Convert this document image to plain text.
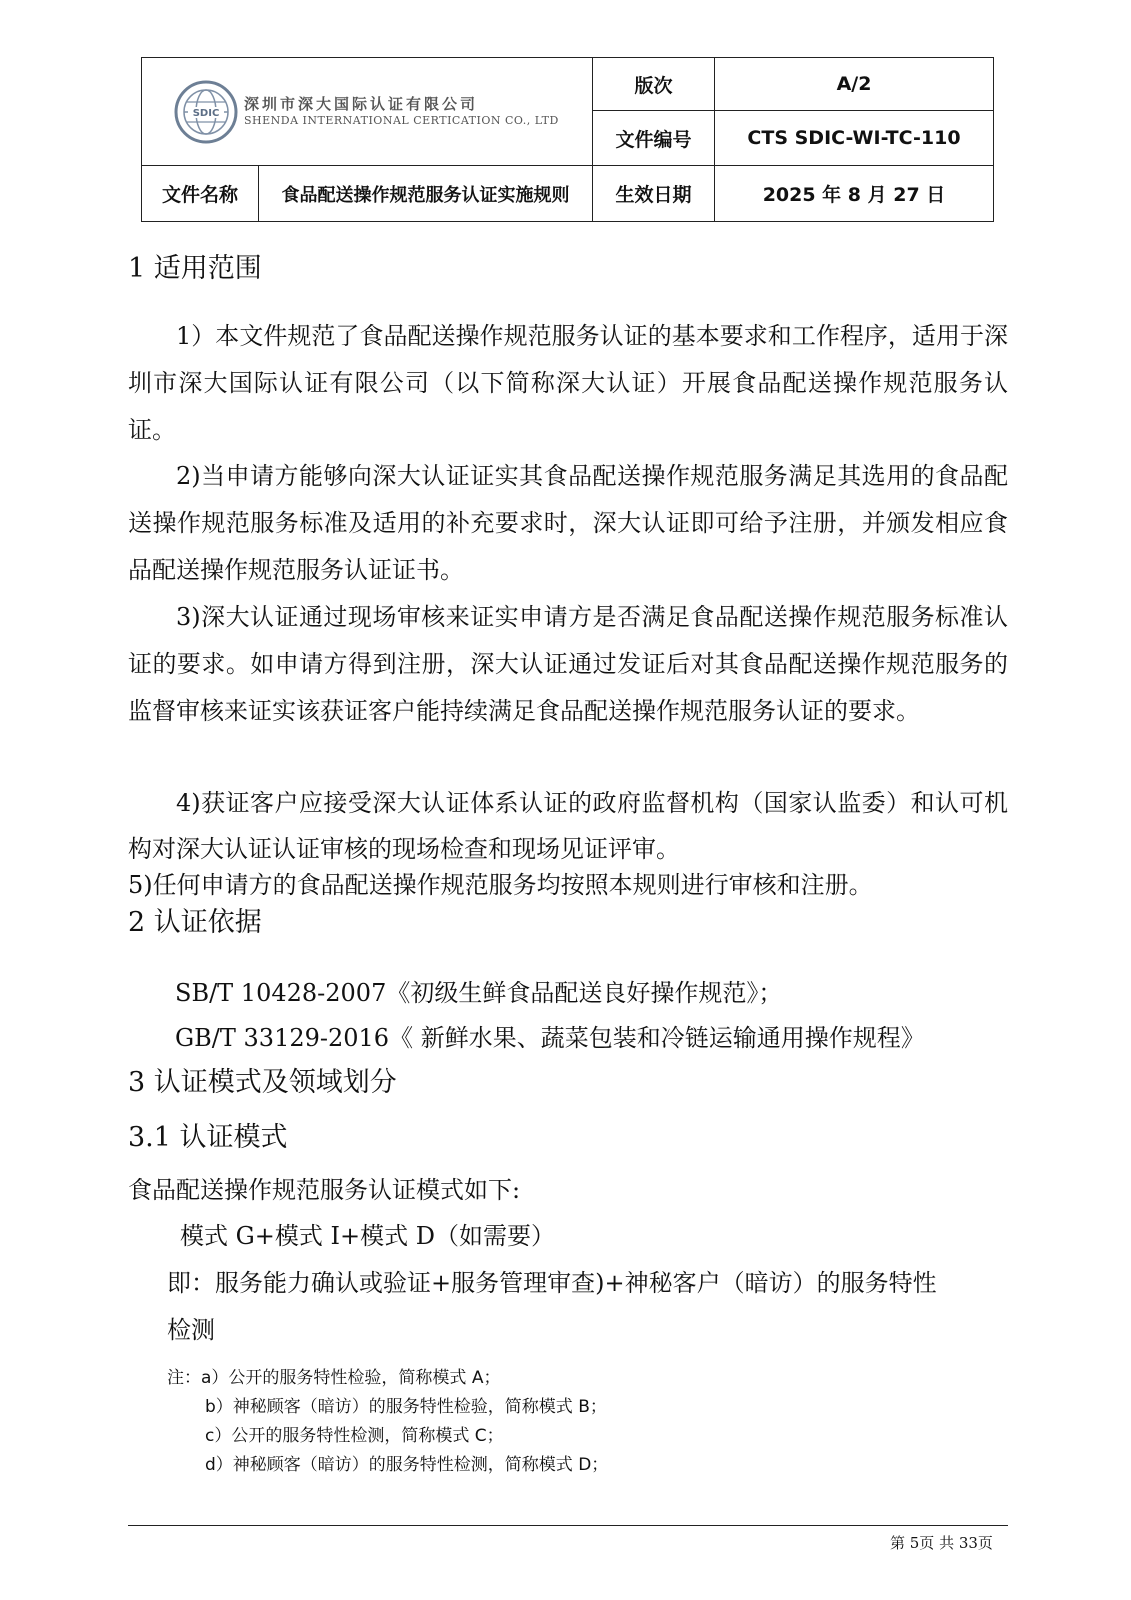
SDIC
深圳市深大国际认证有限公司
SHENDA INTERNATIONAL CERTICATION CO., LTD		版次	A/2
		文件编号	CTS SDIC-WI-TC-110
文件名称	食品配送操作规范服务认证实施规则	生效日期	2025 年 8 月 27 日
1 适用范围
1）本文件规范了食品配送操作规范服务认证的基本要求和工作程序，适用于深圳市深大国际认证有限公司（以下简称深大认证）开展食品配送操作规范服务认证。
2)当申请方能够向深大认证证实其食品配送操作规范服务满足其选用的食品配送操作规范服务标准及适用的补充要求时，深大认证即可给予注册，并颁发相应食品配送操作规范服务认证证书。
3)深大认证通过现场审核来证实申请方是否满足食品配送操作规范服务标准认证的要求。如申请方得到注册，深大认证通过发证后对其食品配送操作规范服务的监督审核来证实该获证客户能持续满足食品配送操作规范服务认证的要求。
4)获证客户应接受深大认证体系认证的政府监督机构（国家认监委）和认可机构对深大认证认证审核的现场检查和现场见证评审。
5)任何申请方的食品配送操作规范服务均按照本规则进行审核和注册。
2 认证依据
SB/T 10428-2007《初级生鲜食品配送良好操作规范》；
GB/T 33129-2016《 新鲜水果、蔬菜包装和冷链运输通用操作规程》
3 认证模式及领域划分
3.1 认证模式
食品配送操作规范服务认证模式如下:
模式 G+模式 I+模式 D（如需要）
即：服务能力确认或验证+服务管理审查)+神秘客户（暗访）的服务特性
检测
注：a）公开的服务特性检验，简称模式 A；
b）神秘顾客（暗访）的服务特性检验，简称模式 B；
c）公开的服务特性检测，简称模式 C；
d）神秘顾客（暗访）的服务特性检测，简称模式 D；
第 5页 共 33页
